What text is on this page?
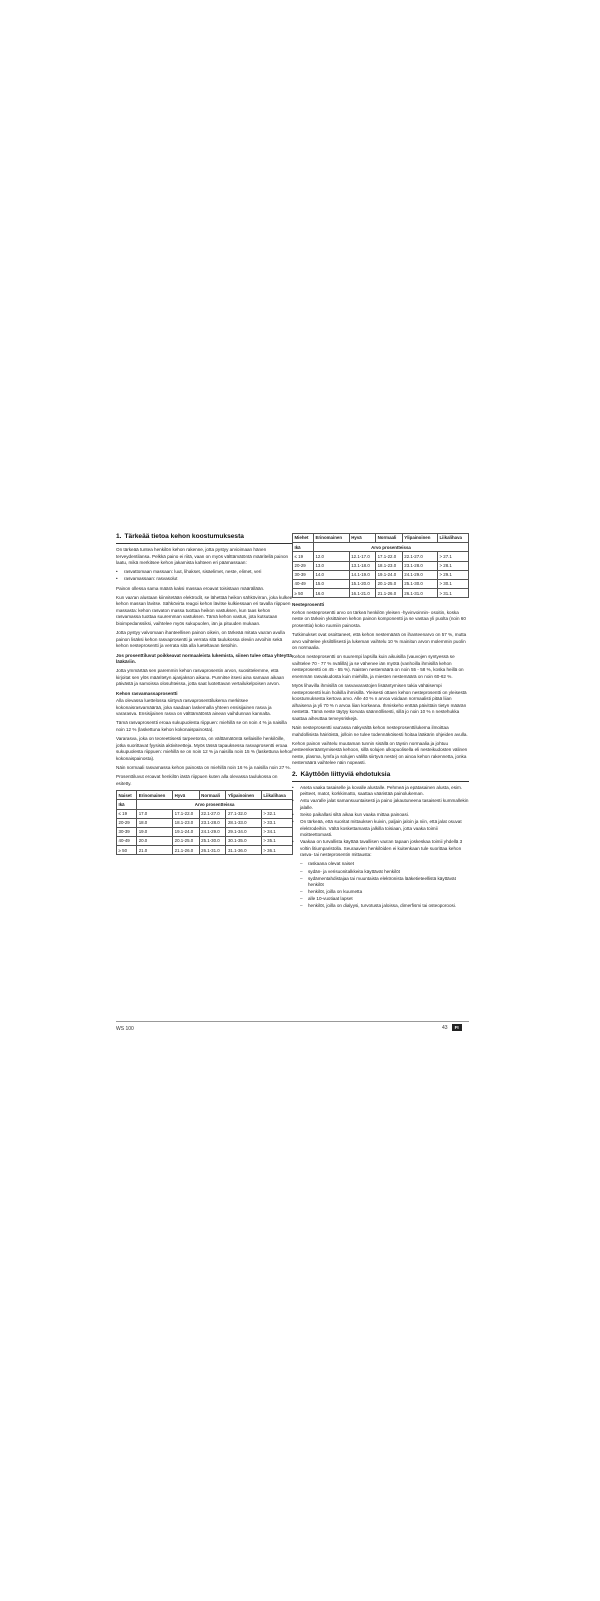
1. Tärkeää tietoa kehon koostumuksesta

On tärkeää tuntea henkilön kehon rakenne, jotta pystyy arvioimaan hänen terveydentilansa. Pelkkä paino ei riitä, vaan on myös välttämätöntä määritellä painon laatu, mikä merkitsee kehon jakamista kahteen eri päämassaan:

• rasvattomaan massaan: luut, lihakset, sisäelimet, neste, elimet, veri
• rasvamassaan: rasvasolut

Painon ollessa sama määrä kaksi massaa eroavat toisistaan määrällään.

Kun vaa'an alustaan kiinnitetään elektrodit, se lähettää heikon sähkövirran, joka kulkee kehon massan lävitse. Sähkövirta reagoi kehon lävitse kulkiessaan eri tavalla riippuen massasta: kehon rasvaton massa tuottaa heikon vastuksen, kun taas kehon rasvamassa tuottaa suuremman vastuksen. Tämä kehon vastus, jota kutsutaan bioimpedanssiksi, vaihtelee myös sukupuolen, iän ja pituuden mukaan.

Jotta pystyy valvomaan ihanteellisen painon oikein, on tärkeää mitata vaa'an avulla painon lisäksi kehon rasvaprosentti ja verrata sitä taulukossa oleviin arvoihin sekä kehon nesteprosentti ja verrata sitä alla lueteltavan tietoihin.

Jos prosenttiluvut poikkeavat normaaleista lukemista, siinen tulee ottaa yhteyttä lääkäriin.

Jotta ymmärtää sen paremmin kehon rasvaprosentin arvon, suosittelemme, että kirjoitat sen ylös määritetyn ajanjakson aikana. Punnitse itsesi aina samaan aikaan päivästä ja samoissa olosuhteissa, jotta saat luotettavan vertailukelpoisen arvon.

Kehon rasvamassaprosentti

Alla olevassa luettelossa siirtyvä rasvaprosenttilukema merkitsee kokonaisrasvamäärää, joka saadaan laskemalla yhteen ensisijainen rasva ja vararasva. Ensisijainen rasva on välttämätöntä ainean vaihdunnan kannalta.

Tämä rasvaprosentti eroaa sukupuolesta riippuen: miehillä se on noin 4 % ja naisilla noin 12 % (laskettuna kehon kokonaispainosta).

Vararasva, joka on teoreettisesti tarpeetonta, on välttämätöntä sellaisille henkilöille, jotka suorittavat fyysisiä aktiviteetteja. Myös tässä tapauksessa rasvaprosentti eroaa sukupuolesta riippuen: miehillä se on noin 12 % ja naisilla noin 15 % (laskettuna kehon kokonaispainosta).

Näin normaali rasvamassa kehon painosta on miehillä noin 16 % ja naisilla noin 27 %.

Prosenttiluvut eroavat henkilön iästä riippuen kuten alla olevassa taulukossa on esitetty.

Naiset	Erinomainen	Hyvä	Normaali	Ylipainoinen	Liikalihava
Ikä	Arvo prosentteissa				
≤ 19	17.0	17.1-22.0	22.1-27.0	27.1-32.0	> 32.1
20-29	18.0	18.1-23.0	23.1-28.0	28.1-33.0	> 33.1
30-39	19.0	19.1-24.0	24.1-29.0	29.1-34.0	> 34.1
40-49	20.0	20.1-25.0	25.1-30.0	30.1-35.0	> 35.1
≥ 50	21.0	21.1-26.0	26.1-31.0	31.1-36.0	> 36.1
Miehet	Erinomainen	Hyvä	Normaali	Ylipainoinen	Liikalihava
Ikä	Arvo prosentteissa				
≤ 19	12.0	12.1-17.0	17.1-22.0	22.1-27.0	> 27.1
20-29	13.0	13.1-18.0	18.1-23.0	23.1-28.0	> 28.1
30-39	14.0	14.1-19.0	19.1-24.0	24.1-29.0	> 29.1
40-49	15.0	15.1-20.0	20.1-25.0	25.1-30.0	> 30.1
≥ 50	16.0	16.1-21.0	21.1-26.0	26.1-31.0	> 31.1
Nesteprosentti

Kehon nesteprosentti arvo on tärkeä henkilön yleisen -hyvinvoinnin- osoitin, koska neste on tärkein yksittäinen kehon painon komponentti ja se vastaa yli puolta (noin 60 prosenttia) koko ruumiin painosta.

Tutkimukset ovat osoittaneet, että kehon nestemäärä on ihanteenarvo on 57 %, mutta arvo vaihtelee yksilöllisesti ja lukeman vaihtelu 10 % mainitun arvon molemmin puolin on normaalia.

Kehon nesteprosentti on suurempi lapsilla kuin aikuisilla (vauvojen syntyessä se vaihtelee 70 - 77 % nvälillä) ja se vähenee iän myötä (vanhoilla ihmisillä kehon nesteprosentti on 45 - 55 %). Naisten nestemäärä on noin 55 - 58 %, koska heillä on enemmän rasvakudosta kuin miehillä, ja miesten nestemäärä on noin 60-62 %.

Myös lihavilla ihmisillä on rasvavarastojen lisääntymisen takia vähäisempi nesteprosentti kuin hoikilla ihmisillä. Yleisesti ottaen kehon nesteprosentti on yleisestä koostumuksesta kertova arvo. Alle 40 % n arvoa voidaan normaalisti pitää liian alhaisena ja yli 70 % n arvoa liian korkeana. Ihmiskeho enttää päivittäin tietyn määrän nestettä. Tämä neste täytyy korvata säännöllisesti, sillä jo noin 10 % n nestehukka saattaa aiheuttaa terveysriskejä.

Näin nesteprosentti vaa'assa näkyvältä kehon nesteprosenttilukema ilmoittaa mahdollisista häiriöistä, jolloin ne tulee todennäköisesti hoitaa lääkärin ohjeiden avulla.

Kehon painon vaihtelu muutaman tunnin sisällä on täysin normaalia ja johtuu nesteenkerääntymisestä kehoon, sillä solujen ulkopuolisella eli nesteikudosten välinen neste, plasma, lymfa ja solujen välillä siirtyvä neste) on ainoa kehon rakennetta, jonka nestemäärä vaihtelee näin nopeasti.

2. Käyttöön liittyviä ehdotuksia
• Aseta vaaka tasaiselle ja kovalle alustalle. Pehmeä ja epätasainen alusta, esim. peitteet, matot, korkkimatto, saattaa vääristää painolukeman.
• Astu vaa'alle jalat samansuuntaisesti ja paino jakautuneena tasaisesti kummallekin jalalle.
• Seiso paikallasi siltä aikaa kun vaaka mittaa painoasi.
• On tärkeää, että suoritat mittauksen kuivin, paljain jaloin ja niin, että jalat osuvat elektrodeihin. Vältä koskettamasta jalkilla toisiaan, jotta vaaka toimii moitteettomasti.
• Vaakaa on turvallista käyttää tavallisen vaa'an tapaan joskeskaa toimii yhdellä 3 voltin litiumparistolla. Seuraavien henkilöiden ei kuitenkaan tule suorittaa kehon rasva- tai nesteprosentin mittausta:
– raskaana olevat naiset
– sydän- ja verisuonitalkkeita käyttävät henkilöt
– sydämentahdistajaa tai muuntaista elektronista lääketieteellistä käyttävät henkilöt
– henkilöt, joilla on kuumetta
– alle 10-vuotiaat lapset
– henkilöt, joilla on dialyysi, turvotusta jaloissa, dimerfismi tai osteoporoosi.
WS 100	43	FI
